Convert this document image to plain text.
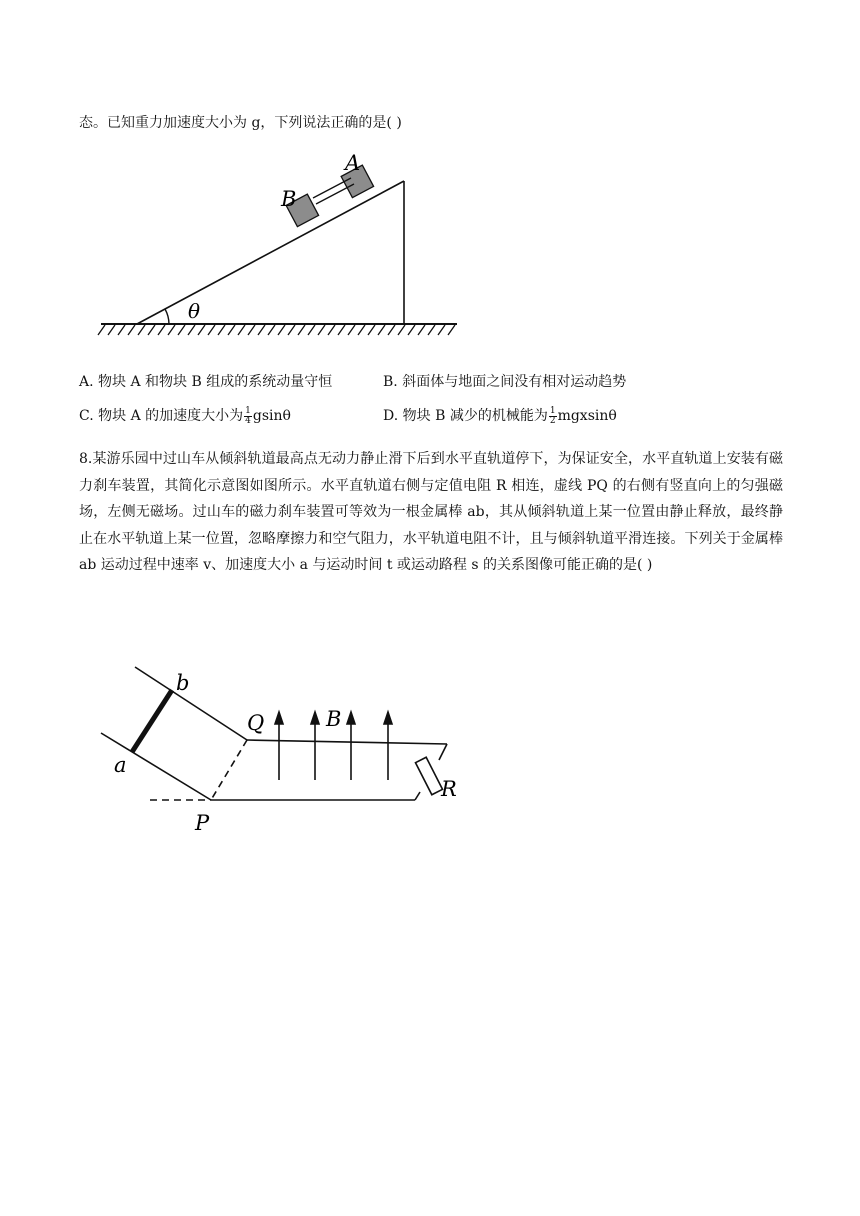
态。已知重力加速度大小为 g，下列说法正确的是( )
θ
B
A
A. 物块 A 和物块 B 组成的系统动量守恒	B. 斜面体与地面之间没有相对运动趋势
C. 物块 A 的加速度大小为 $\frac{1}{4}$ gsinθ	D. 物块 B 减少的机械能为 $\frac{1}{2}$ mgxsinθ
8.某游乐园中过山车从倾斜轨道最高点无动力静止滑下后到水平直轨道停下，为保证安全，水平直轨道上安装有磁力刹车装置，其简化示意图如图所示。水平直轨道右侧与定值电阻 R 相连，虚线 PQ 的右侧有竖直向上的匀强磁场，左侧无磁场。过山车的磁力刹车装置可等效为一根金属棒 ab，其从倾斜轨道上某一位置由静止释放，最终静止在水平轨道上某一位置，忽略摩擦力和空气阻力，水平轨道电阻不计，且与倾斜轨道平滑连接。下列关于金属棒 ab 运动过程中速率 v、加速度大小 a 与运动时间 t 或运动路程 s 的关系图像可能正确的是( )
b
a
Q
P
B
R
